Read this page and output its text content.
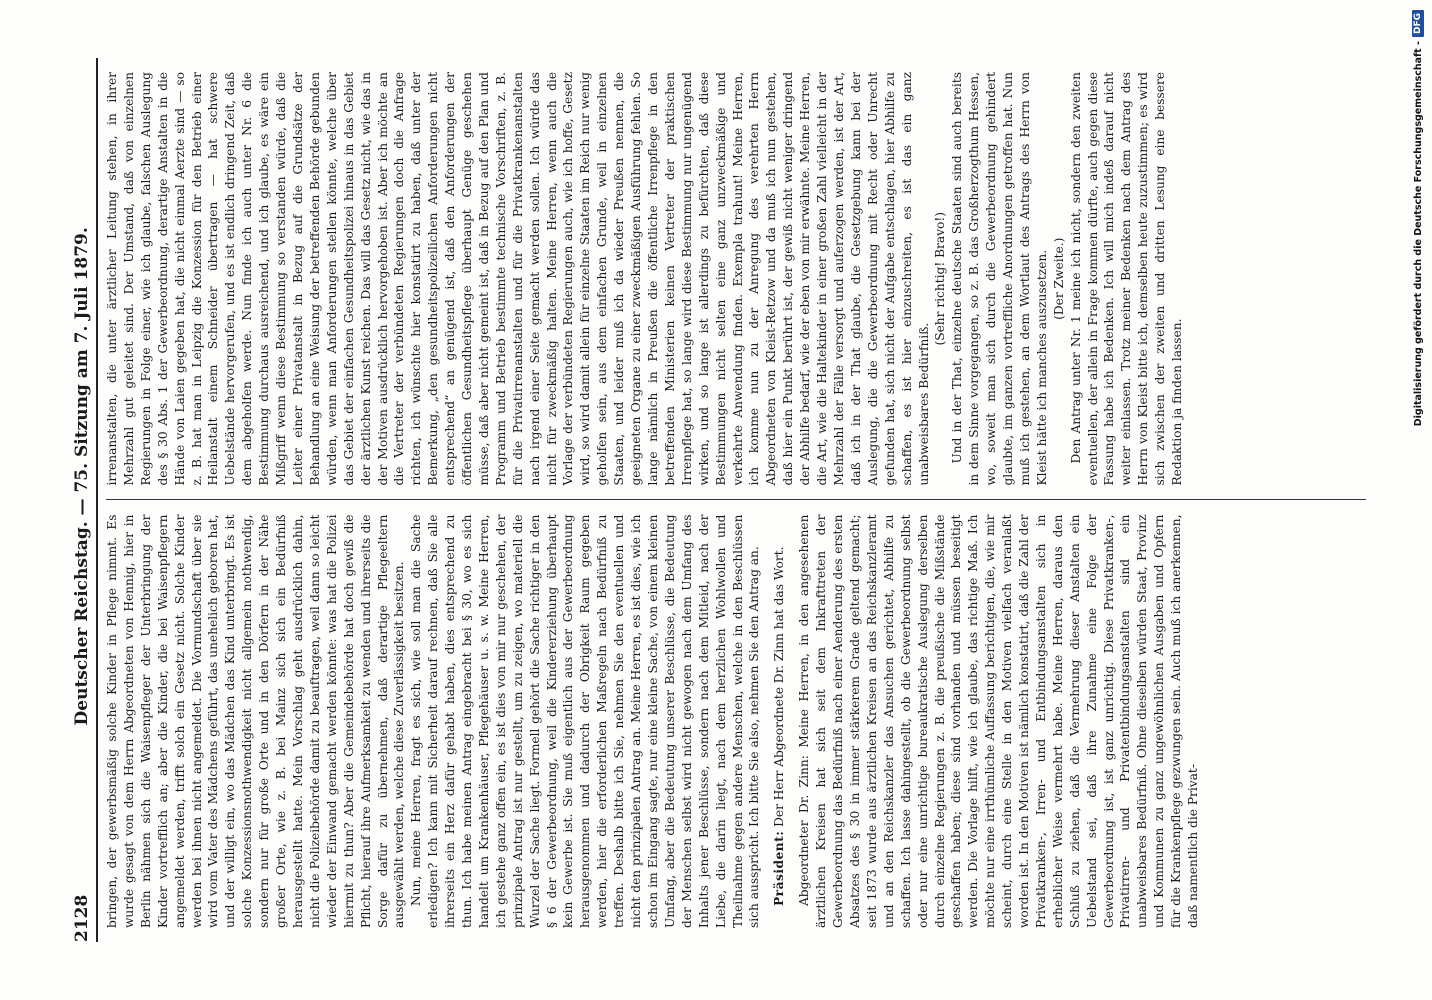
2128
Deutscher Reichstag. — 75. Sitzung am 7. Juli 1879. bringen, der gewerbsmäßig solche Kinder in Pflege nimmt. Es wurde gesagt von dem Herrn Abgeordneten von Hennig, hier in Berlin nähmen sich die Waisenpfleger der Unterbringung der Kinder vortrefflich an; aber die Kinder, die bei Waisenpflegern angemeldet werden, trifft solch ein Gesetz nicht. Solche Kinder werden bei ihnen nicht angemeldet. Die Vormundschaft über sie wird vom Vater des Mädchens geführt, das unehelich geboren hat, und der willigt ein, wo das Mädchen das Kind unterbringt. Es ist solche Konzessionsnothwendigkeit nicht allgemein nothwendig, sondern nur für große Orte und in den Dörfern in der Nähe großer Orte, wie z. B. bei Mainz sich sich ein Bedürfniß herausgestellt hatte. Mein Vorschlag geht ausdrücklich dahin, nicht die Polizeibehörde damit zu beauftragen, weil dann so leicht wieder der Einwand gemacht werden könnte: was hat die Polizei hiermit zu thun? Aber die Gemeindebehörde hat doch gewiß die Pflicht, hierauf ihre Aufmerksamkeit zu wenden und ihrerseits die Sorge dafür zu übernehmen, daß derartige Pflegeeltern ausgewählt werden, welche diese Zuverlässigkeit besitzen. Nun, meine Herren, fragt es sich, wie soll man die Sache erledigen? Ich kann mit Sicherheit darauf rechnen, daß Sie alle ihrerseits ein Herz dafür gehabt haben, dies entsprechend zu thun. Ich habe meinen Antrag eingebracht bei § 30, wo es sich handelt um Krankenhäuser, Pflegehäuser u. s. w. Meine Herren, ich gestehe ganz offen ein, es ist dies von mir nur geschehen, der prinzipale Antrag ist nur gestellt, um zu zeigen, wo materiell die Wurzel der Sache liegt. Formell gehört die Sache richtiger in den § 6 der Gewerbeordnung, weil die Kindererziehung überhaupt kein Gewerbe ist. Sie muß eigentlich aus der Gewerbeordnung herausgenommen und dadurch der Obrigkeit Raum gegeben werden, hier die erforderlichen Maßregeln nach Bedürfniß zu treffen. Deshalb bitte ich Sie, nehmen Sie den eventuellen und nicht den prinzipalen Antrag an. Meine Herren, es ist dies, wie ich schon im Eingang sagte, nur eine kleine Sache, von einem kleinen Umfang, aber die Bedeutung unserer Beschlüsse, die Bedeutung der Menschen selbst wird nicht gewogen nach dem Umfang des Inhalts jener Beschlüsse, sondern nach dem Mitleid, nach der Liebe, die darin liegt, nach dem herzlichen Wohlwollen und Theilnahme gegen andere Menschen, welche in den Beschlüssen sich ausspricht. Ich bitte Sie also, nehmen Sie den Antrag an. Präsident: Der Herr Abgeordnete Dr. Zinn hat das Wort. Abgeordneter Dr. Zinn: Meine Herren, in den angesehenen ärztlichen Kreisen hat sich seit dem Inkrafttreten der Gewerbeordnung das Bedürfniß nach einer Aenderung des ersten Absatzes des § 30 in immer stärkerem Grade geltend gemacht; seit 1873 wurde aus ärztlichen Kreisen an das Reichskanzleramt und an den Reichskanzler das Ansuchen gerichtet, Abhilfe zu schaffen. Ich lasse dahingestellt, ob die Gewerbeordnung selbst oder nur eine unrichtige bureaukratische Auslegung derselben durch einzelne Regierungen z. B. die preußische die Mißstände geschaffen haben; diese sind vorhanden und müssen beseitigt werden. Die Vorlage hilft, wie ich glaube, das richtige Maß. Ich möchte nur eine irrthümliche Auffassung berichtigen, die, wie mir scheint, durch eine Stelle in den Motiven vielfach veranlaßt worden ist. In den Motiven ist nämlich konstatirt, daß die Zahl der Privatkranken-, Irren- und Entbindungsanstalten sich in erheblicher Weise vermehrt habe. Meine Herren, daraus den Schluß zu ziehen, daß die Vermehrung dieser Anstalten ein Uebelstand sei, daß ihre Zunahme eine Folge der Gewerbeordnung ist, ist ganz unrichtig. Diese Privatkranken-, Privatirren- und Privatentbindungsanstalten sind ein unabweisbares Bedürfniß. Ohne dieselben würden Staat, Provinz und Kommunen zu ganz ungewöhnlichen Ausgaben und Opfern für die Krankenpflege gezwungen sein. Auch muß ich anerkennen, daß namentlich die Privat-

irrenanstalten, die unter ärztlicher Leitung stehen, in ihrer Mehrzahl gut geleitet sind. Der Umstand, daß von einzelnen Regierungen in Folge einer, wie ich glaube, falschen Auslegung des § 30 Abs. 1 der Gewerbeordnung, derartige Anstalten in die Hände von Laien gegeben hat, die nicht einmal Aerzte sind — so z. B. hat man in Leipzig die Konzession für den Betrieb einer Heilanstalt einem Schneider übertragen — hat schwere Uebelstände hervorgerufen, und es ist endlich dringend Zeit, daß dem abgeholfen werde. Nun finde ich auch unter Nr. 6 die Bestimmung durchaus ausreichend, und ich glaube, es wäre ein Mißgriff wenn diese Bestimmung so verstanden würde, daß die Leiter einer Privatanstalt in Bezug auf die Grundsätze der Behandlung an eine Weisung der betreffenden Behörde gebunden würden, wenn man Anforderungen stellen könnte, welche über das Gebiet der einfachen Gesundheitspolizei hinaus in das Gebiet der ärztlichen Kunst reichen. Das will das Gesetz nicht, wie das in der Motiven ausdrücklich hervorgehoben ist. Aber ich möchte an die Vertreter der verbündeten Regierungen doch die Anfrage richten, ich wünschte hier konstatirt zu haben, daß unter der Bemerkung, „den gesundheitspolizeilichen Anforderungen nicht entsprechend“ an genügend ist, daß den Anforderungen der öffentlichen Gesundheitspflege überhaupt Genüge geschehen müsse, daß aber nicht gemeint ist, daß in Bezug auf den Plan und Programm und Betrieb bestimmte technische Vorschriften, z. B. für die Privatirrenanstalten und für die Privatkrankenanstalten nach irgend einer Seite gemacht werden sollen. Ich würde das nicht für zweckmäßig halten. Meine Herren, wenn auch die Vorlage der verbündeten Regierungen auch, wie ich hoffe, Gesetz wird, so wird damit allein für einzelne Staaten im Reich nur wenig geholfen sein, aus dem einfachen Grunde, weil in einzelnen Staaten, und leider muß ich da wieder Preußen nennen, die geeigneten Organe zu einer zweckmäßigen Ausführung fehlen. So lange nämlich in Preußen die öffentliche Irrenpflege in den betreffenden Ministerien keinen Vertreter der praktischen Irrenpflege hat, so lange wird diese Bestimmung nur ungenügend wirken, und so lange ist allerdings zu befürchten, daß diese Bestimmungen nicht selten eine ganz unzweckmäßige und verkehrte Anwendung finden. Exempla trahunt! Meine Herren, ich komme nun zu der Anregung des verehrten Herrn Abgeordneten von Kleist-Retzow und da muß ich nun gestehen, daß hier ein Punkt berührt ist, der gewiß nicht weniger dringend der Abhilfe bedarf, wie der eben von mir erwähnte. Meine Herren, die Art, wie die Haltekinder in einer großen Zahl vielleicht in der Mehrzahl der Fälle versorgt und auferzogen werden, ist der Art, daß ich in der That glaube, die Gesetzgebung kann bei der Auslegung, die die Gewerbeordnung mit Recht oder Unrecht gefunden hat, sich nicht der Aufgabe entschlagen, hier Abhilfe zu schaffen, es ist hier einzuschreiten, es ist das ein ganz unabweisbares Bedürfniß.

(Sehr richtig! Bravo!) Und in der That, einzelne deutsche Staaten sind auch bereits in dem Sinne vorgegangen, so z. B. das Großherzogthum Hessen, wo, soweit man sich durch die Gewerbeordnung gehindert glaubte, im ganzen vortreffliche Anordnungen getroffen hat. Nun muß ich gestehen, an dem Wortlaut des Antrags des Herrn von Kleist hätte ich manches auszusetzen. (Der Zweite.) Den Antrag unter Nr. 1 meine ich nicht, sondern den zweiten eventuellen, der allein in Frage kommen dürfte, auch gegen diese Fassung habe ich Bedenken. Ich will mich indeß darauf nicht weiter einlassen. Trotz meiner Bedenken nach dem Antrag des Herrn von Kleist bitte ich, demselben heute zuzustimmen; es wird sich zwischen der zweiten und dritten Lesung eine bessere Redaktion ja finden lassen.	Digitalisierung gefördert durch die Deutsche Forschungsgemeinschaft -
DFG
